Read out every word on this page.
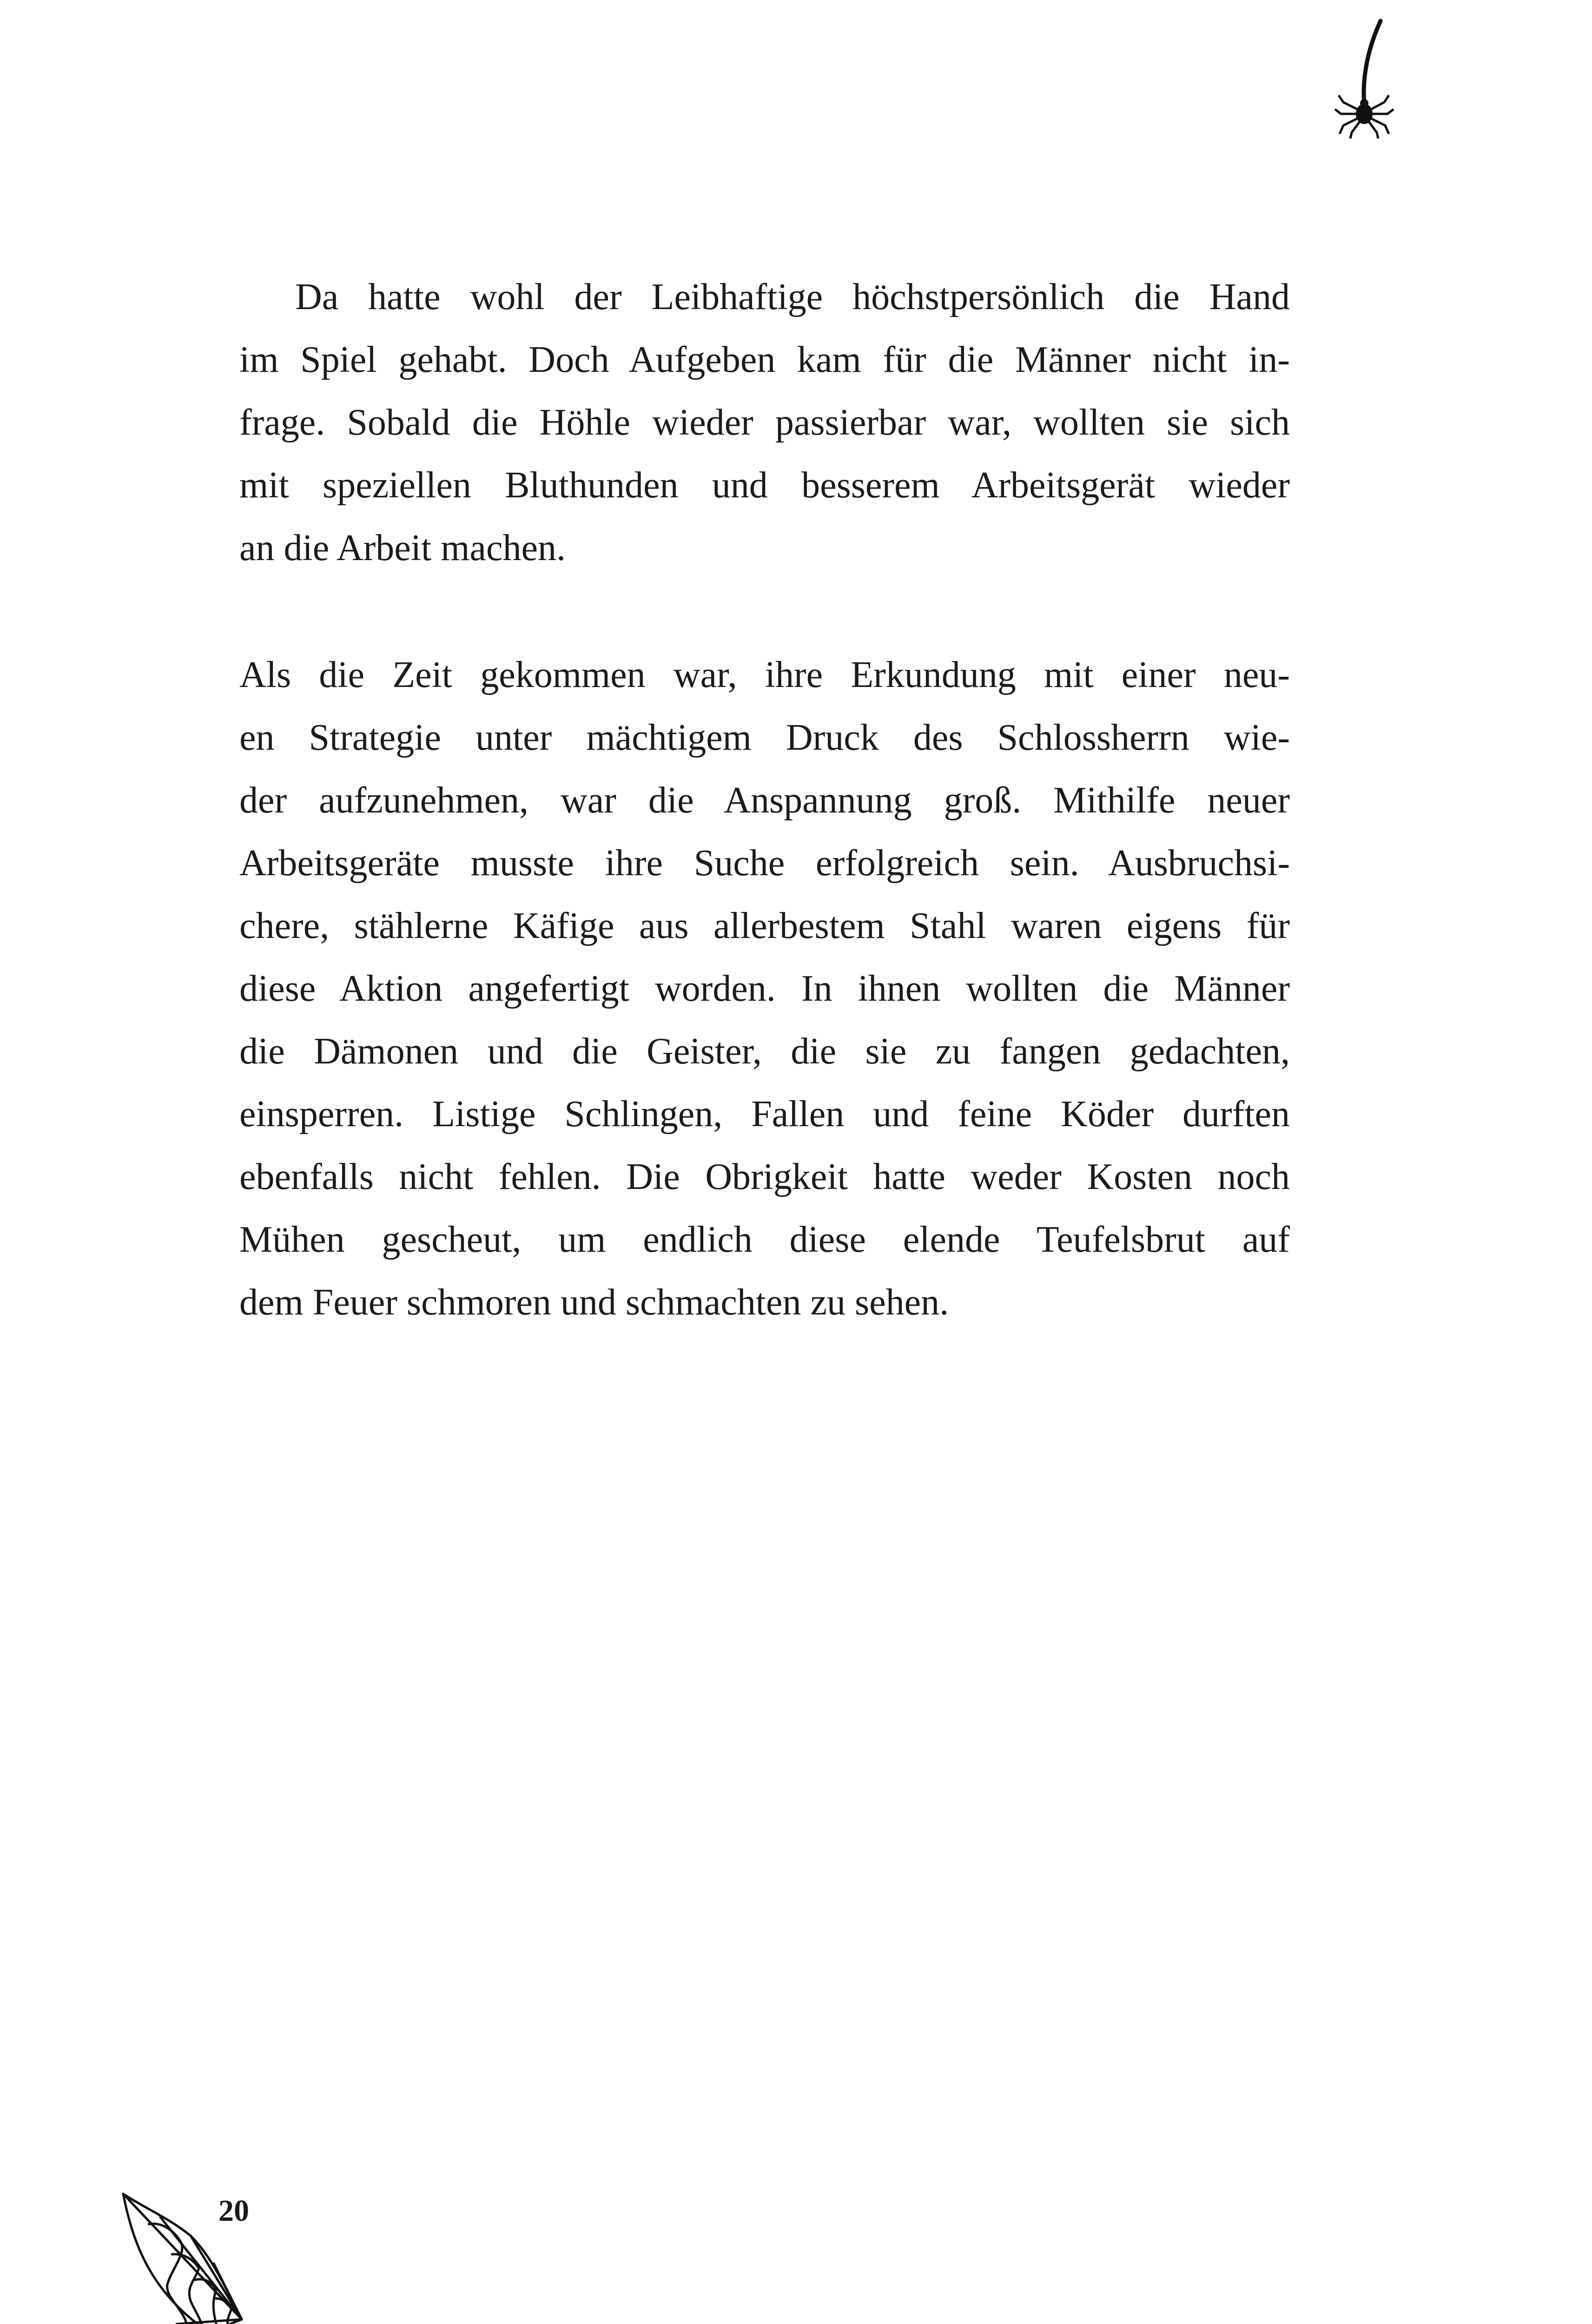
Da hatte wohl der Leibhaftige höchstpersönlich die Hand
im Spiel gehabt. Doch Aufgeben kam für die Männer nicht in-
frage. Sobald die Höhle wieder passierbar war, wollten sie sich
mit speziellen Bluthunden und besserem Arbeitsgerät wieder
an die Arbeit machen.
Als die Zeit gekommen war, ihre Erkundung mit einer neu-
en Strategie unter mächtigem Druck des Schlossherrn wie-
der aufzunehmen, war die Anspannung groß. Mithilfe neuer
Arbeitsgeräte musste ihre Suche erfolgreich sein. Ausbruchsi-
chere, stählerne Käfige aus allerbestem Stahl waren eigens für
diese Aktion angefertigt worden. In ihnen wollten die Männer
die Dämonen und die Geister, die sie zu fangen gedachten,
einsperren. Listige Schlingen, Fallen und feine Köder durften
ebenfalls nicht fehlen. Die Obrigkeit hatte weder Kosten noch
Mühen gescheut, um endlich diese elende Teufelsbrut auf
dem Feuer schmoren und schmachten zu sehen.
20
